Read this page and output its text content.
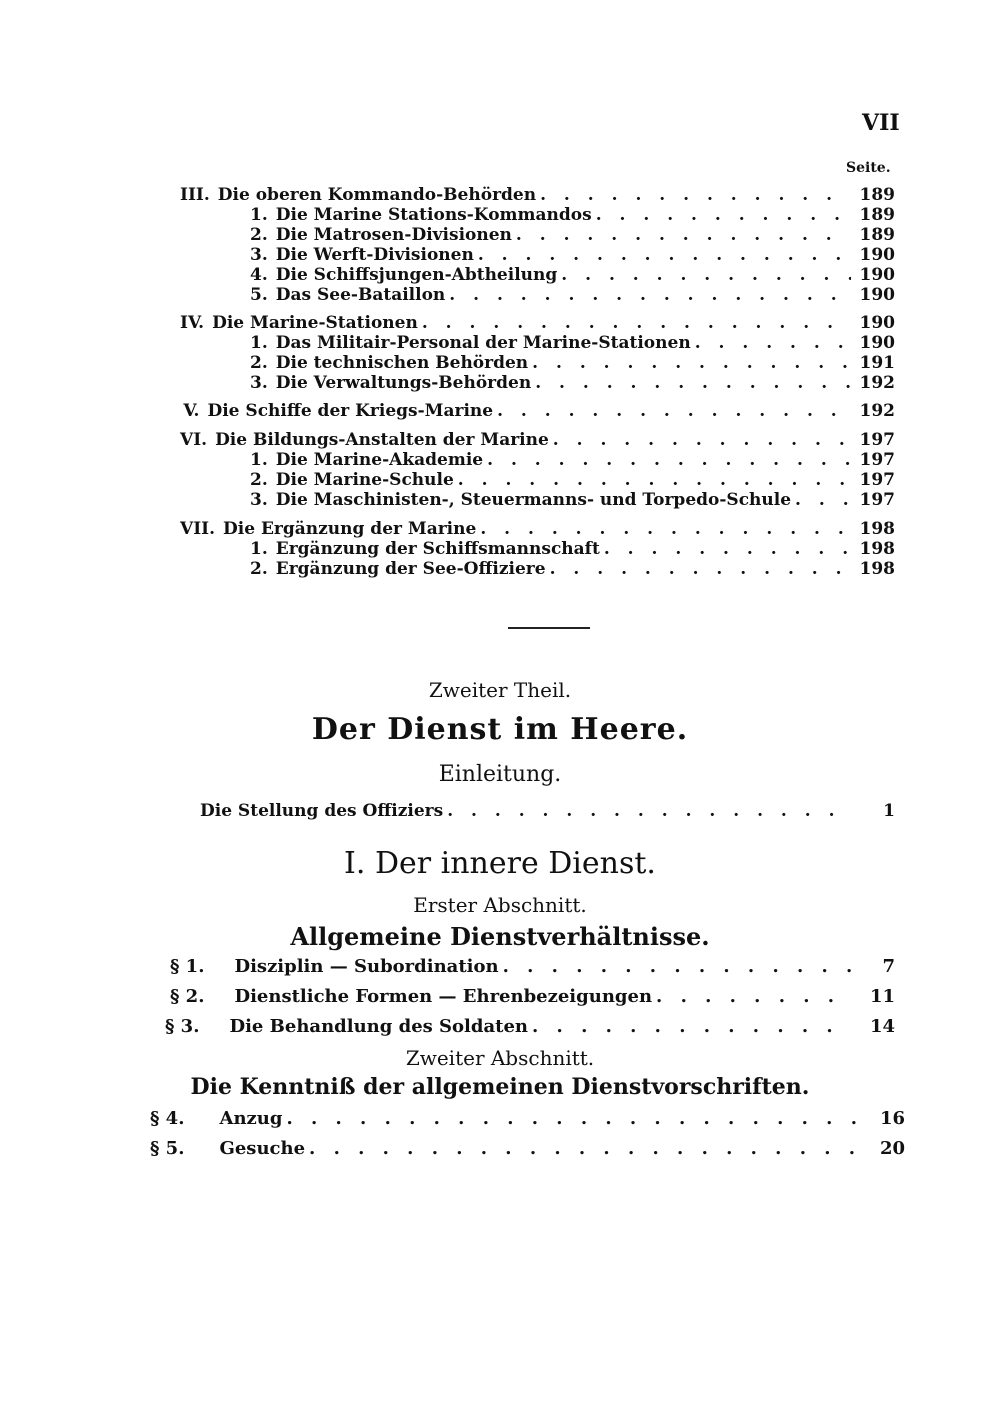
VII
Seite.
III. Die oberen Kommando-Behörden . . .	189
1. Die Marine Stations-Kommandos . . .	189
2. Die Matrosen-Divisionen . . .	189
3. Die Werft-Divisionen . . .	190
4. Die Schiffsjungen-Abtheilung . . .	190
5. Das See-Bataillon . . .	190
IV. Die Marine-Stationen . . .	190
1. Das Militair-Personal der Marine-Stationen . . .	190
2. Die technischen Behörden . . .	191
3. Die Verwaltungs-Behörden . . .	192
V. Die Schiffe der Kriegs-Marine . . .	192
VI. Die Bildungs-Anstalten der Marine . . .	197
1. Die Marine-Akademie . . .	197
2. Die Marine-Schule . . .	197
3. Die Maschinisten-, Steuermanns- und Torpedo-Schule . . .	197
VII. Die Ergänzung der Marine . . .	198
1. Ergänzung der Schiffsmannschaft . . .	198
2. Ergänzung der See-Offiziere . . .	198
Zweiter Theil.
Der Dienst im Heere.
Einleitung.
Die Stellung des Offiziers . . .	1
I. Der innere Dienst.
Erster Abschnitt.
Allgemeine Dienstverhältnisse.
§ 1. Disziplin — Subordination . . .	7
§ 2. Dienstliche Formen — Ehrenbezeigungen . . .	11
§ 3. Die Behandlung des Soldaten . . .	14
Zweiter Abschnitt.
Die Kenntniß der allgemeinen Dienstvorschriften.
§ 4. Anzug . . .	16
§ 5. Gesuche . . .	20
